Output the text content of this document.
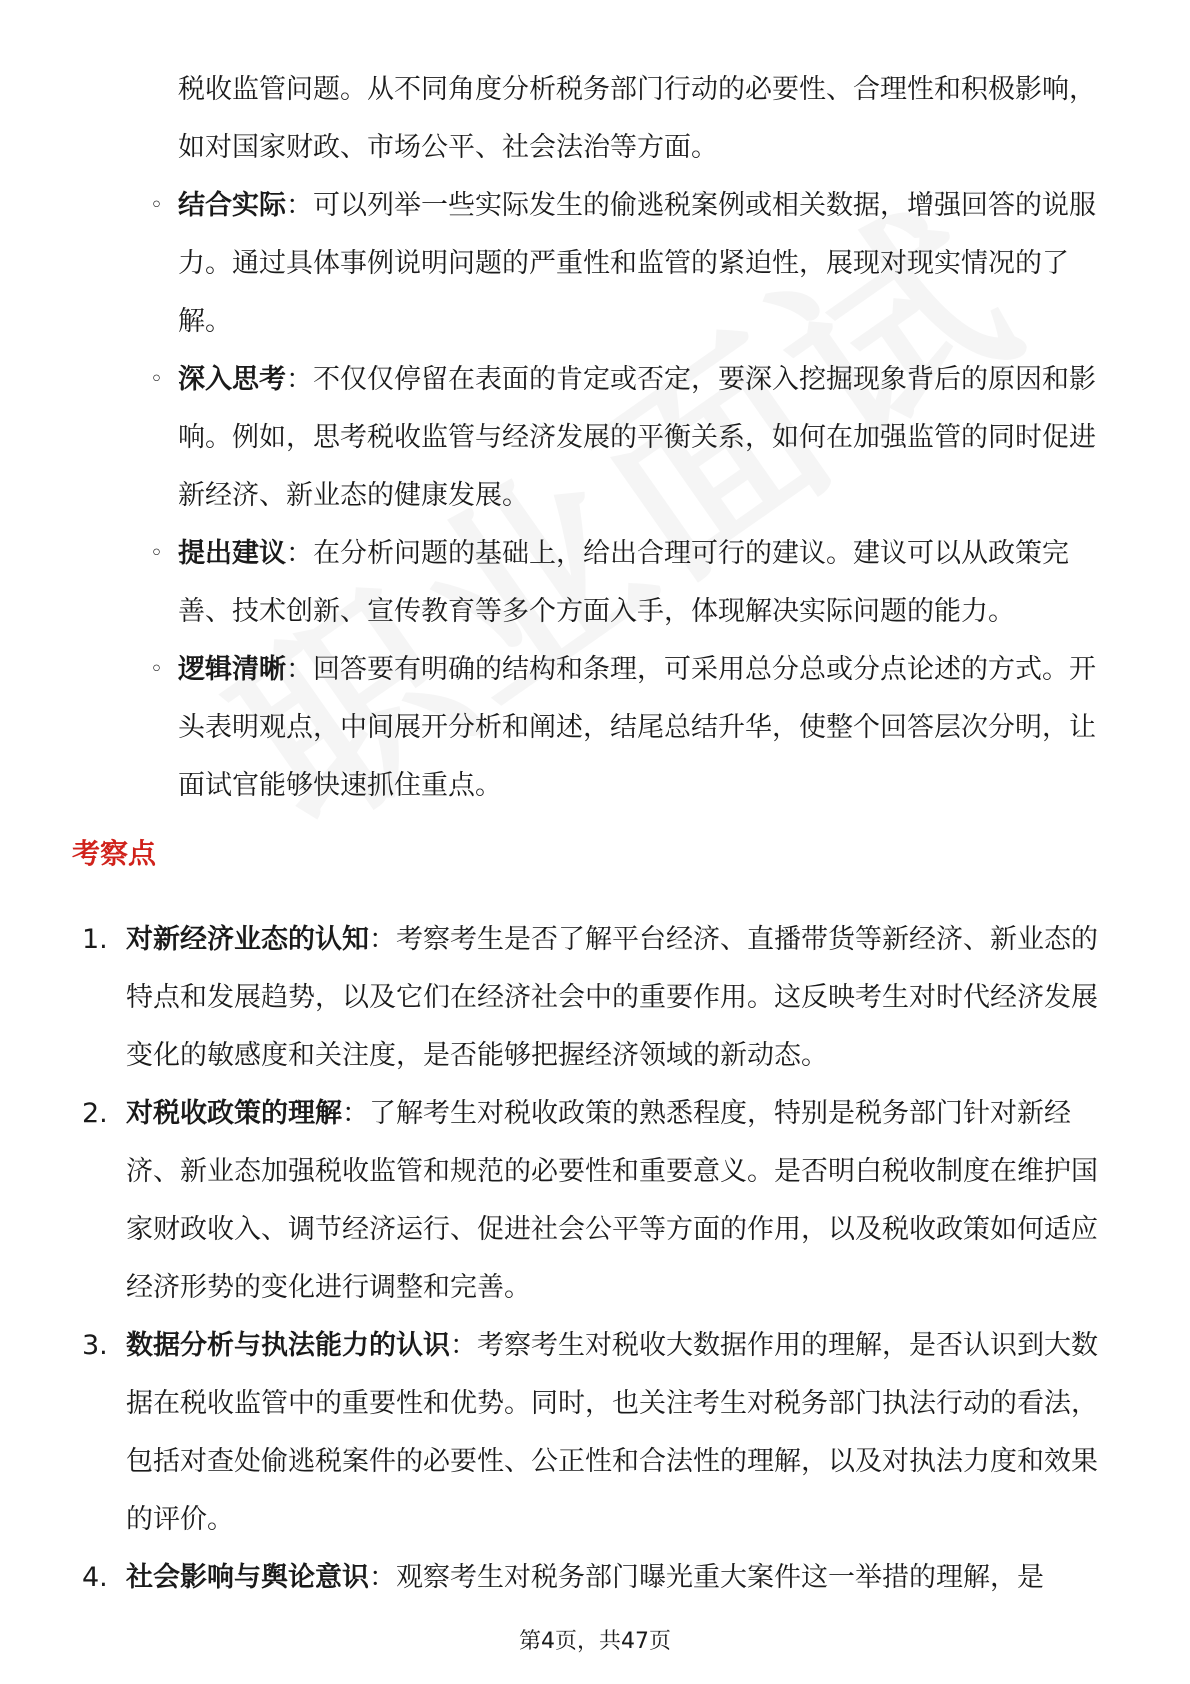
税收监管问题。从不同角度分析税务部门行动的必要性、合理性和积极影响，如对国家财政、市场公平、社会法治等方面。
◦ 结合实际：可以列举一些实际发生的偷逃税案例或相关数据，增强回答的说服力。通过具体事例说明问题的严重性和监管的紧迫性，展现对现实情况的了解。
◦ 深入思考：不仅仅停留在表面的肯定或否定，要深入挖掘现象背后的原因和影响。例如，思考税收监管与经济发展的平衡关系，如何在加强监管的同时促进新经济、新业态的健康发展。
◦ 提出建议：在分析问题的基础上，给出合理可行的建议。建议可以从政策完善、技术创新、宣传教育等多个方面入手，体现解决实际问题的能力。
◦ 逻辑清晰：回答要有明确的结构和条理，可采用总分总或分点论述的方式。开头表明观点，中间展开分析和阐述，结尾总结升华，使整个回答层次分明，让面试官能够快速抓住重点。
考察点
1. 对新经济业态的认知：考察考生是否了解平台经济、直播带货等新经济、新业态的特点和发展趋势，以及它们在经济社会中的重要作用。这反映考生对时代经济发展变化的敏感度和关注度，是否能够把握经济领域的新动态。
2. 对税收政策的理解：了解考生对税收政策的熟悉程度，特别是税务部门针对新经济、新业态加强税收监管和规范的必要性和重要意义。是否明白税收制度在维护国家财政收入、调节经济运行、促进社会公平等方面的作用，以及税收政策如何适应经济形势的变化进行调整和完善。
3. 数据分析与执法能力的认识：考察考生对税收大数据作用的理解，是否认识到大数据在税收监管中的重要性和优势。同时，也关注考生对税务部门执法行动的看法，包括对查处偷逃税案件的必要性、公正性和合法性的理解，以及对执法力度和效果的评价。
4. 社会影响与舆论意识：观察考生对税务部门曝光重大案件这一举措的理解，是
第4页，共47页
